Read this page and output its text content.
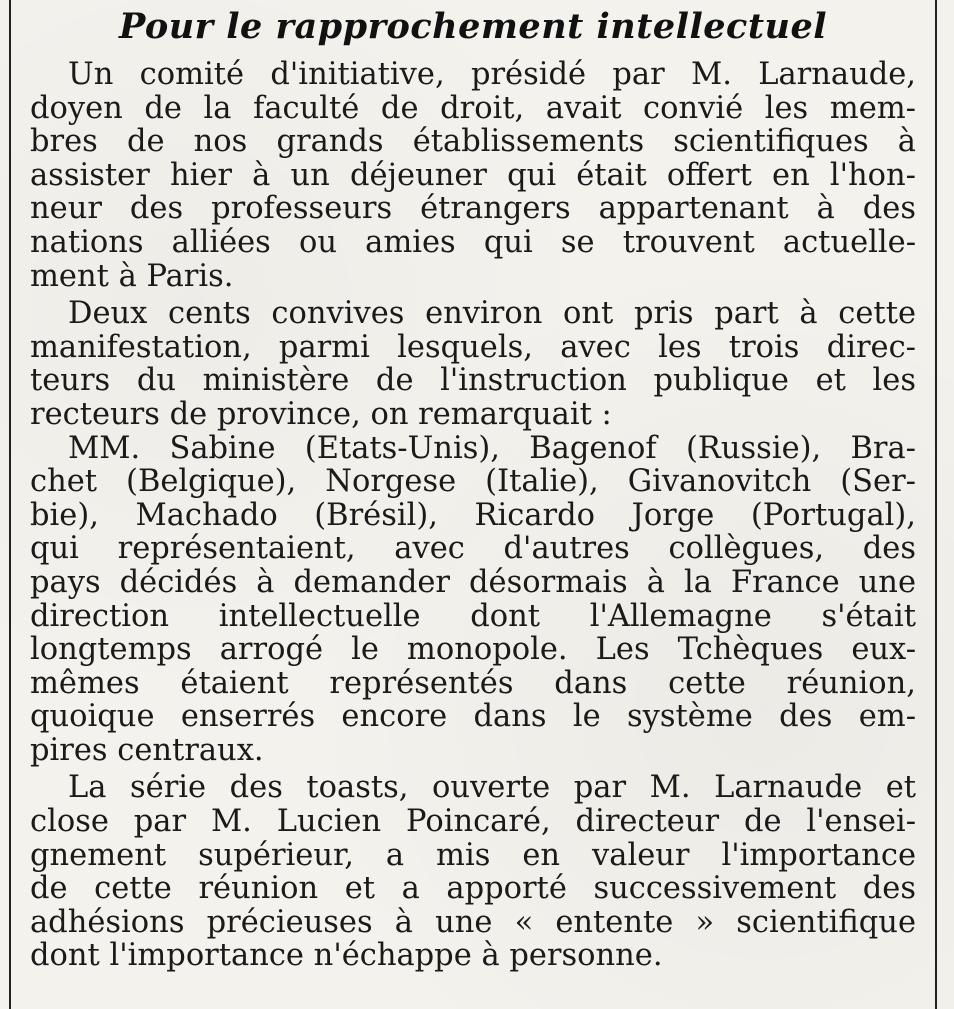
Pour le rapprochement intellectuel
Un comité d'initiative, présidé par M. Larnaude,
doyen de la faculté de droit, avait convié les mem-
bres de nos grands établissements scientifiques à
assister hier à un déjeuner qui était offert en l'hon-
neur des professeurs étrangers appartenant à des
nations alliées ou amies qui se trouvent actuelle-
ment à Paris.
Deux cents convives environ ont pris part à cette
manifestation, parmi lesquels, avec les trois direc-
teurs du ministère de l'instruction publique et les
recteurs de province, on remarquait :
MM. Sabine (Etats-Unis), Bagenof (Russie), Bra-
chet (Belgique), Norgese (Italie), Givanovitch (Ser-
bie), Machado (Brésil), Ricardo Jorge (Portugal),
qui représentaient, avec d'autres collègues, des
pays décidés à demander désormais à la France une
direction intellectuelle dont l'Allemagne s'était
longtemps arrogé le monopole. Les Tchèques eux-
mêmes étaient représentés dans cette réunion,
quoique enserrés encore dans le système des em-
pires centraux.
La série des toasts, ouverte par M. Larnaude et
close par M. Lucien Poincaré, directeur de l'ensei-
gnement supérieur, a mis en valeur l'importance
de cette réunion et a apporté successivement des
adhésions précieuses à une « entente » scientifique
dont l'importance n'échappe à personne.
